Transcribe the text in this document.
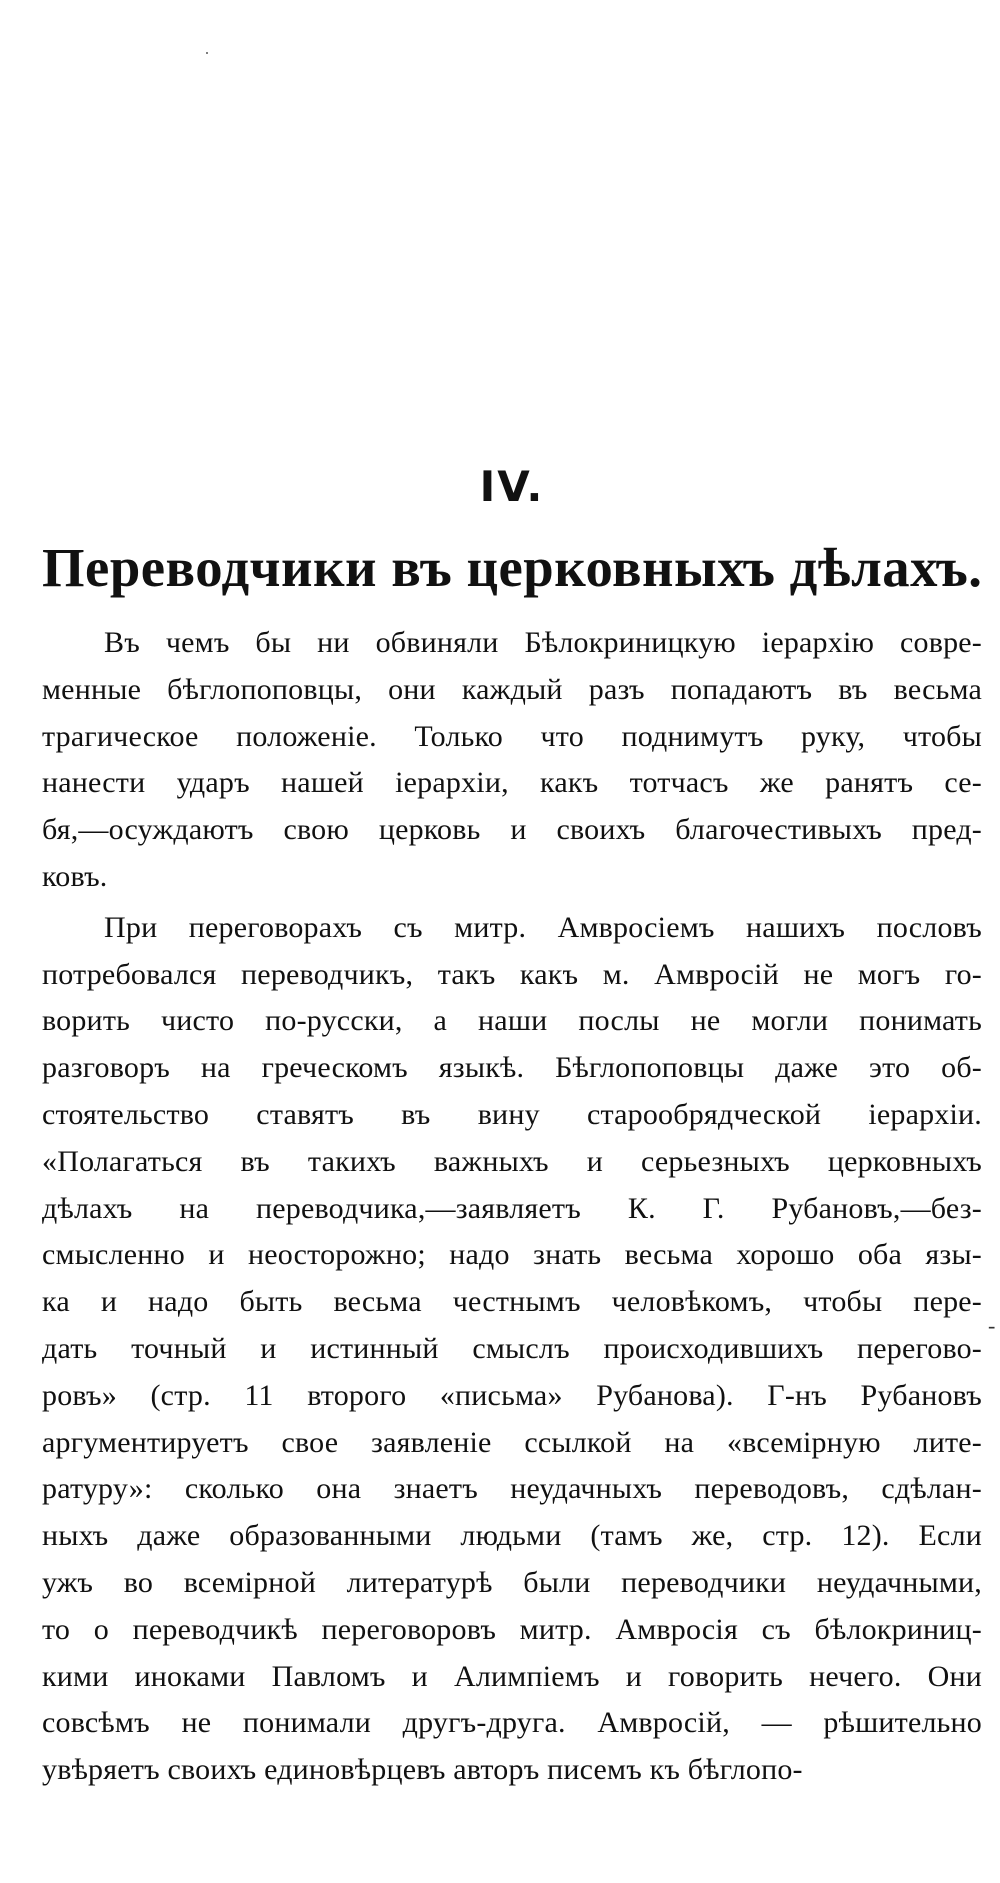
IV.
Переводчики въ церковныхъ дѣлахъ.

Въ чемъ бы ни обвиняли Бѣлокриницкую іерархію совре-
менные бѣглопоповцы, они каждый разъ попадаютъ въ весьма
трагическое положеніе. Только что поднимутъ руку, чтобы
нанести ударъ нашей іерархіи, какъ тотчасъ же ранятъ се-
бя,—осуждаютъ свою церковь и своихъ благочестивыхъ пред-
ковъ.

При переговорахъ съ митр. Амвросіемъ нашихъ пословъ
потребовался переводчикъ, такъ какъ м. Амвросій не могъ го-
ворить чисто по-русски, а наши послы не могли понимать
разговоръ на греческомъ языкѣ. Бѣглопоповцы даже это об-
стоятельство ставятъ въ вину старообрядческой іерархіи.
«Полагаться въ такихъ важныхъ и серьезныхъ церковныхъ
дѣлахъ на переводчика,—заявляетъ К. Г. Рубановъ,—без-
смысленно и неосторожно; надо знать весьма хорошо оба язы-
ка и надо быть весьма честнымъ человѣкомъ, чтобы пере-
дать точный и истинный смыслъ происходившихъ перегово-
ровъ» (стр. 11 второго «письма» Рубанова). Г-нъ Рубановъ
аргументируетъ свое заявленіе ссылкой на «всемірную лите-
ратуру»: сколько она знаетъ неудачныхъ переводовъ, сдѣлан-
ныхъ даже образованными людьми (тамъ же, стр. 12). Если
ужъ во всемірной литературѣ были переводчики неудачными,
то о переводчикѣ переговоровъ митр. Амвросія съ бѣлокриниц-
кими иноками Павломъ и Алимпіемъ и говорить нечего. Они
совсѣмъ не понимали другъ-друга. Амвросій, — рѣшительно
увѣряетъ своихъ единовѣрцевъ авторъ писемъ къ бѣглопо-

-
